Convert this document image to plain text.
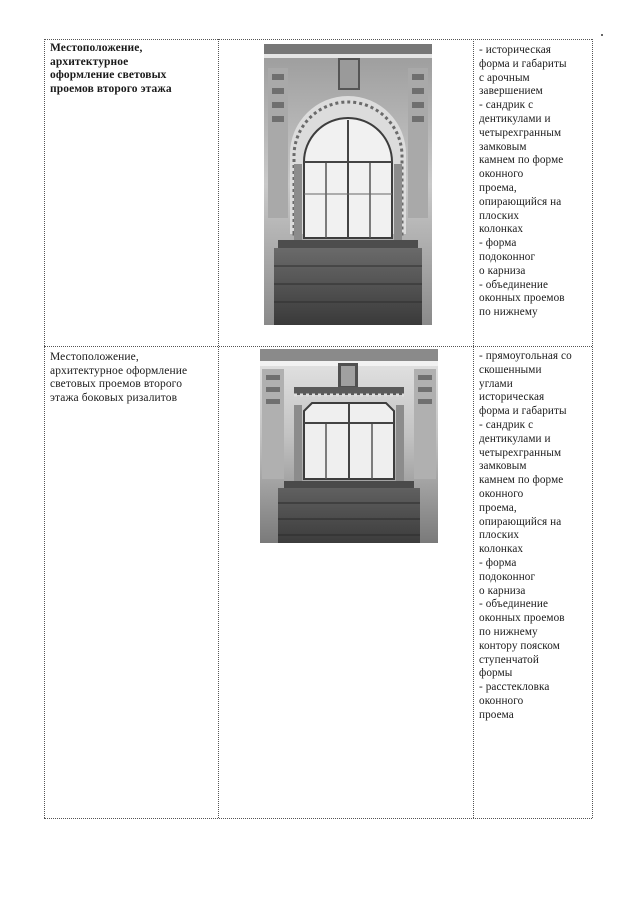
Местоположение,
архитектурное
оформление световых
проемов второго этажа
- историческая
форма и габариты
с арочным
завершением
- сандрик с
дентикулами и
четырехгранным
замковым
камнем по форме
оконного
проема,
опирающийся на
плоских
колонках
- форма
подоконног
о карниза
- объединение
оконных проемов
по нижнему
Местоположение,
архитектурное оформление
световых проемов второго
этажа боковых ризалитов
- прямоугольная со
скошенными
углами
историческая
форма и габариты
- сандрик с
дентикулами и
четырехгранным
замковым
камнем по форме
оконного
проема,
опирающийся на
плоских
колонках
- форма
подоконног
о карниза
- объединение
оконных проемов
по нижнему
контору пояском
ступенчатой
формы
- расстекловка
оконного
проема
